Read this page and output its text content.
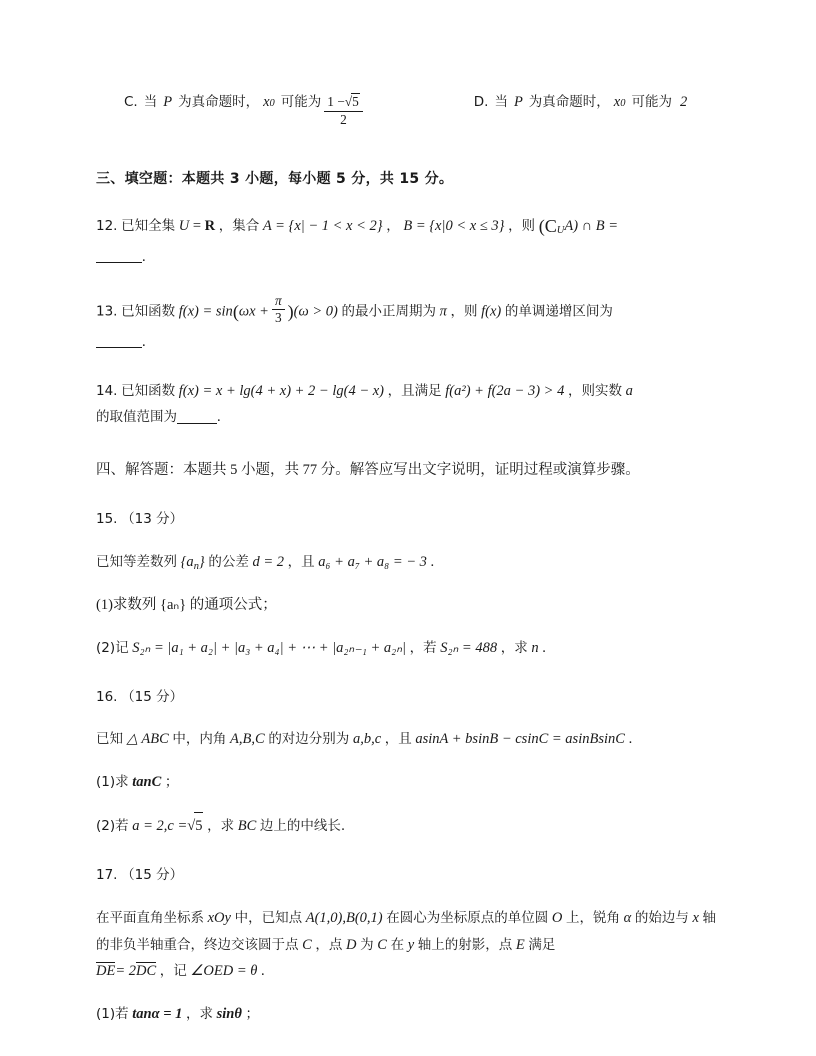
C. 当 P 为真命题时， x 0 可能为 $\frac{1 -√5}{2}$	D. 当 P 为真命题时， x 0 可能为 2
三、填空题：本题共 3 小题，每小题 5 分，共 15 分。
12. 已知全集 U = R ，集合 A = {x| − 1 < x < 2} ， B = {x|0 < x ≤ 3} ，则 $(C_UA)$ ∩ B =
.
13. 已知函数 $f(x) = \sin(\omega x + \frac{\pi}{3} )(\omega > 0)$ 的最小正周期为 π ，则 f(x) 的单调递增区间为
.
14. 已知函数 f(x) = x + lg(4 + x) + 2 − lg(4 − x) ，且满足 f(a²) + f(2a − 3) > 4 ，则实数 a
的取值范围为	.
四、解答题：本题共 5 小题，共 77 分。解答应写出文字说明，证明过程或演算步骤。
15. （13 分）
已知等差数列 $\{a_n\}$ 的公差 d = 2 ，且 a₆ + a₇ + a₈ = − 3 .
(1)求数列 {aₙ} 的通项公式；
(2)记 S₂ₙ = |a₁ + a₂| + |a₃ + a₄| + ⋯ + |a₂ₙ₋₁ + a₂ₙ| ，若 S₂ₙ = 488 ，求 n .
16. （15 分）
已知 △ ABC 中，内角 A,B,C 的对边分别为 a,b,c ，且 asinA + bsinB − csinC = asinBsinC .
(1)求 tanC ；
(2)若 a = 2,c =√5 ，求 BC 边上的中线长.
17. （15 分）
在平面直角坐标系 xOy 中，已知点 A(1,0),B(0,1) 在圆心为坐标原点的单位圆 O 上，锐角 α 的始边与 x 轴的非负半轴重合，终边交该圆于点 C ，点 D 为 C 在 y 轴上的射影，点 E 满足
DE= 2DC ，记 ∠OED = θ .
(1)若 tanα = 1 ，求 sinθ ；
